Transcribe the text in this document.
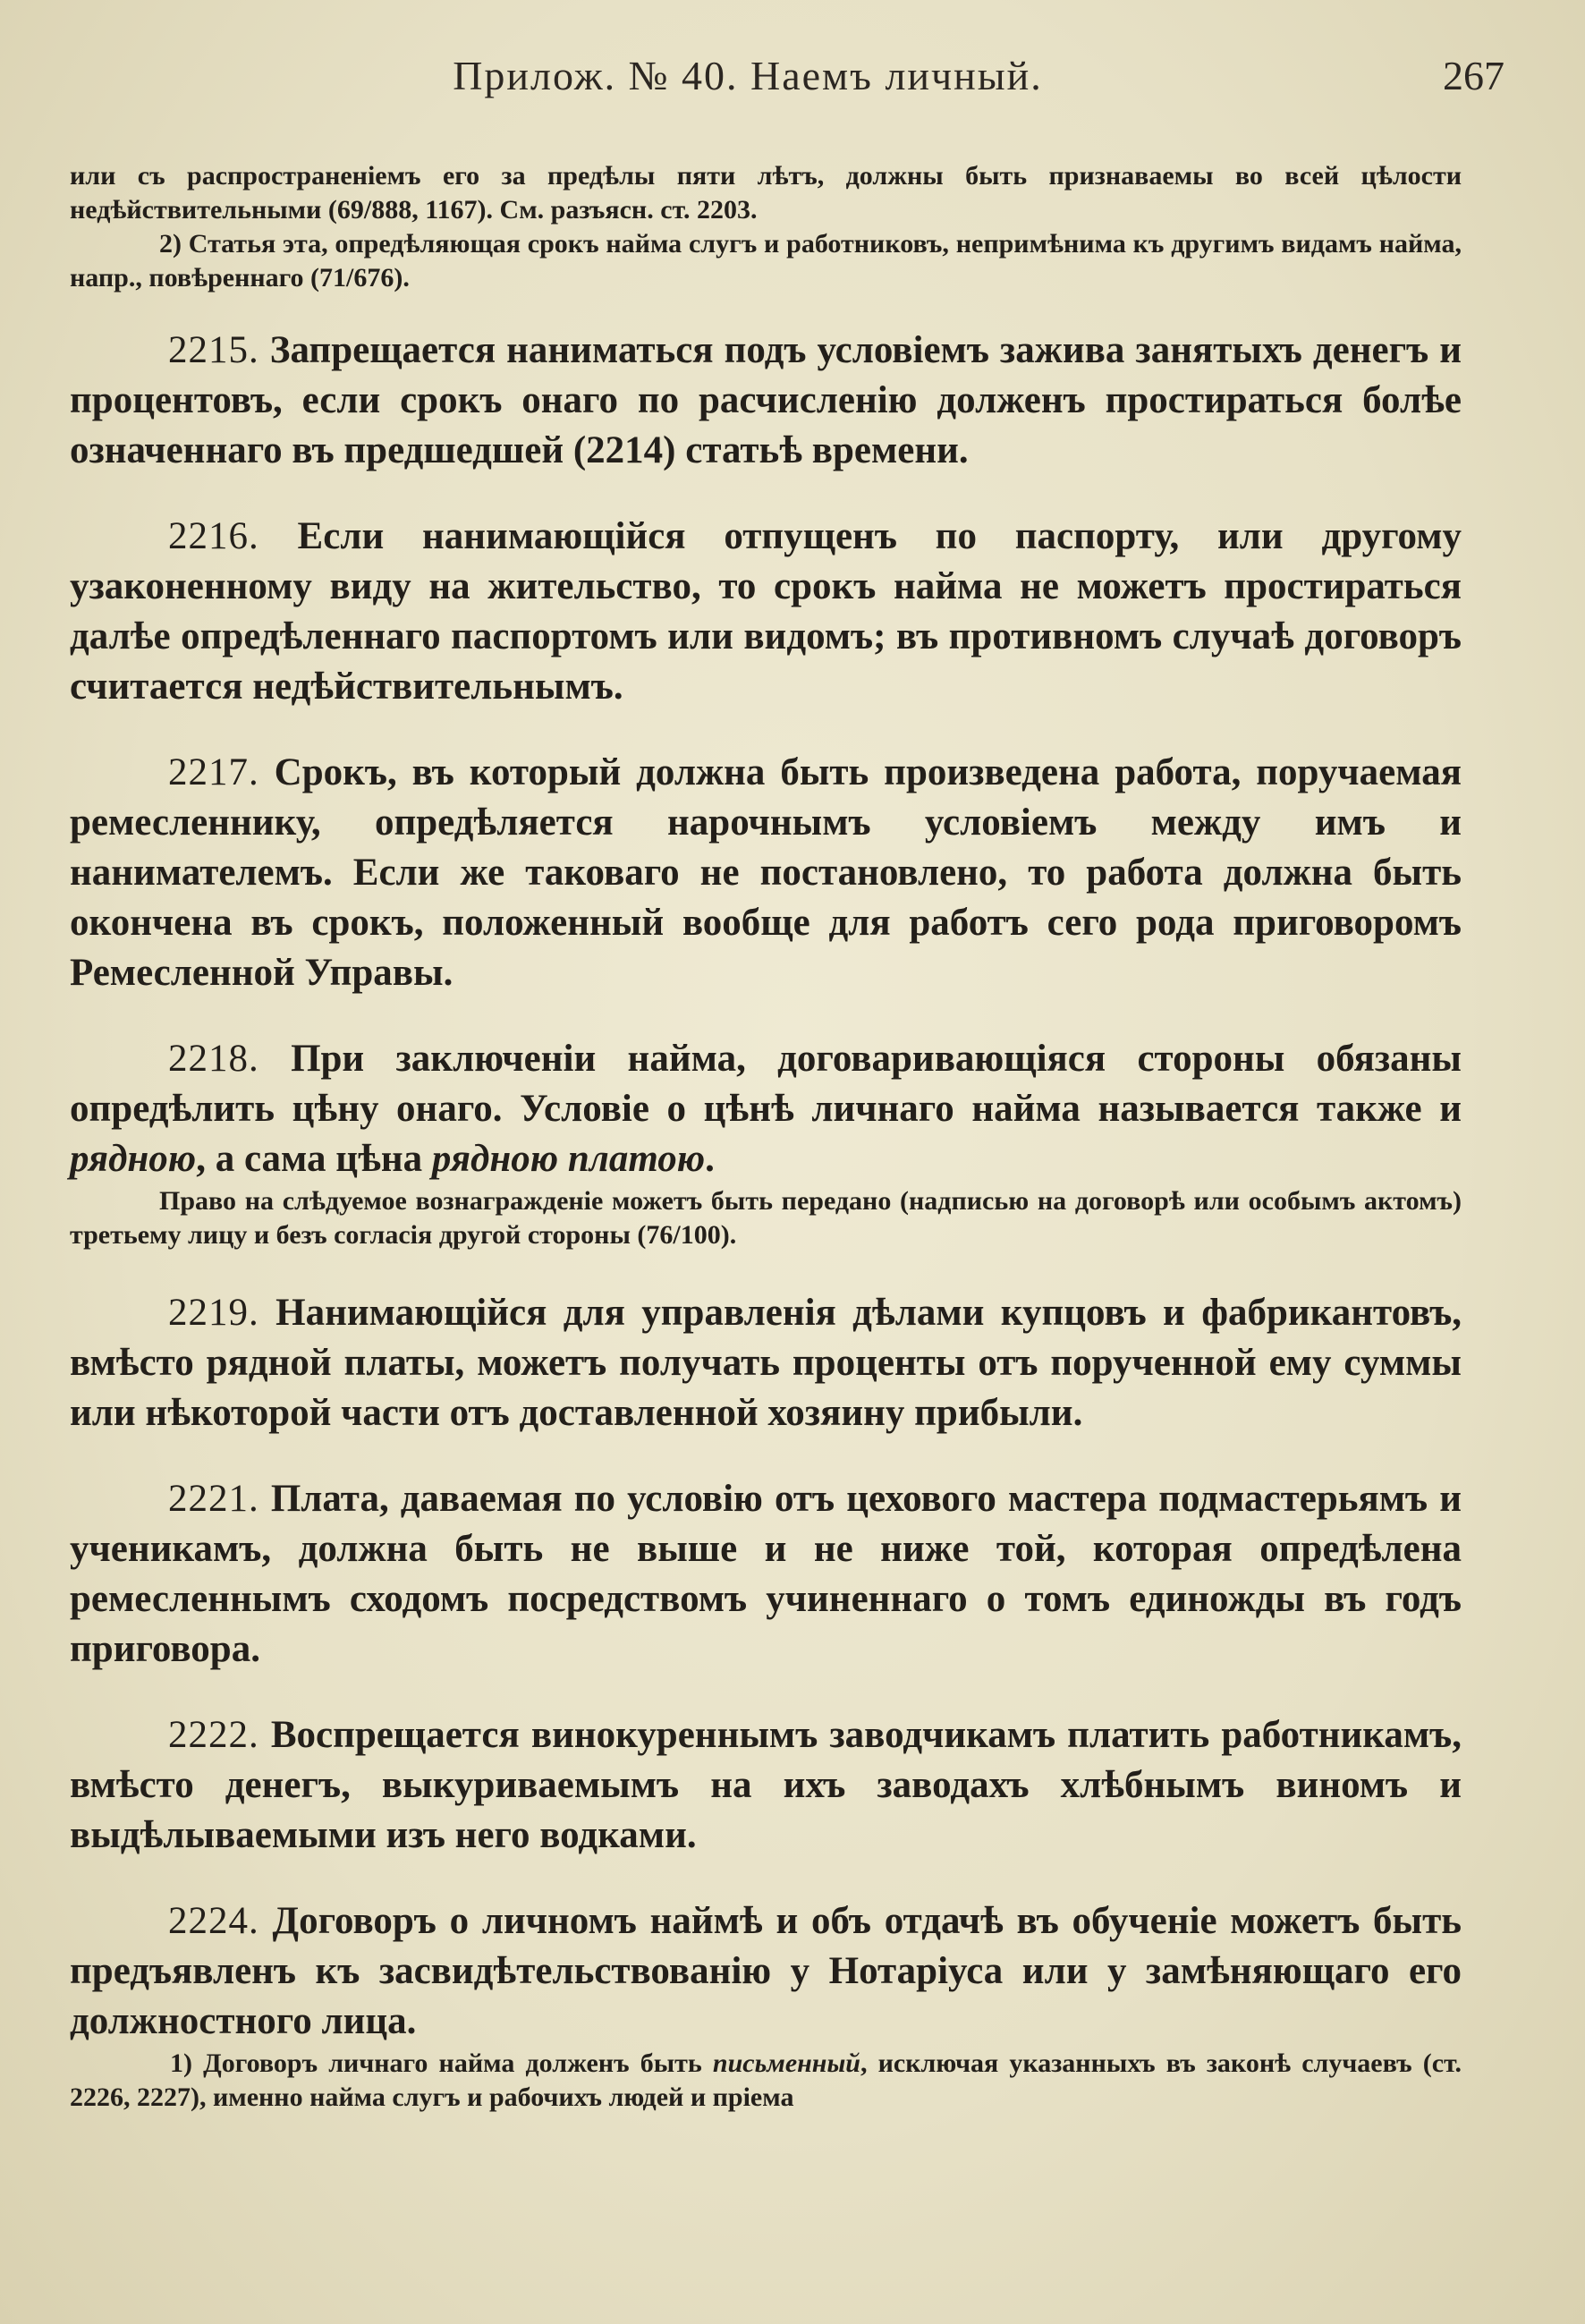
Прилож. № 40. Наемъ личный.	267

или съ распространеніемъ его за предѣлы пяти лѣтъ, должны быть признаваемы во всей цѣлости недѣйствительными (69/888, 1167). См. разъясн. ст. 2203.

2) Статья эта, опредѣляющая срокъ найма слугъ и работниковъ, непримѣнима къ другимъ видамъ найма, напр., повѣреннаго (71/676).

2215. Запрещается наниматься подъ условіемъ зажива занятыхъ денегъ и процентовъ, если срокъ онаго по расчисленію долженъ простираться болѣе означеннаго въ предшедшей (2214) статьѣ времени.

2216. Если нанимающійся отпущенъ по паспорту, или другому узаконенному виду на жительство, то срокъ найма не можетъ простираться далѣе опредѣленнаго паспортомъ или видомъ; въ противномъ случаѣ договоръ считается недѣйствительнымъ.

2217. Срокъ, въ который должна быть произведена работа, поручаемая ремесленнику, опредѣляется нарочнымъ условіемъ между имъ и нанимателемъ. Если же таковаго не постановлено, то работа должна быть окончена въ срокъ, положенный вообще для работъ сего рода приговоромъ Ремесленной Управы.

2218. При заключеніи найма, договаривающіяся стороны обязаны опредѣлить цѣну онаго. Условіе о цѣнѣ личнаго найма называется также и рядною, а сама цѣна рядною платою.

Право на слѣдуемое вознагражденіе можетъ быть передано (надписью на договорѣ или особымъ актомъ) третьему лицу и безъ согласія другой стороны (76/100).

2219. Нанимающійся для управленія дѣлами купцовъ и фабрикантовъ, вмѣсто рядной платы, можетъ получать проценты отъ порученной ему суммы или нѣкоторой части отъ доставленной хозяину прибыли.

2221. Плата, даваемая по условію отъ цехового мастера подмастерьямъ и ученикамъ, должна быть не выше и не ниже той, которая опредѣлена ремесленнымъ сходомъ посредствомъ учиненнаго о томъ единожды въ годъ приговора.

2222. Воспрещается винокуреннымъ заводчикамъ платить работникамъ, вмѣсто денегъ, выкуриваемымъ на ихъ заводахъ хлѣбнымъ виномъ и выдѣлываемыми изъ него водками.

2224. Договоръ о личномъ наймѣ и объ отдачѣ въ обученіе можетъ быть предъявленъ къ засвидѣтельствованію у Нотаріуса или у замѣняющаго его должностного лица.

1) Договоръ личнаго найма долженъ быть письменный, исключая указанныхъ въ законѣ случаевъ (ст. 2226, 2227), именно найма слугъ и рабочихъ людей и пріема
